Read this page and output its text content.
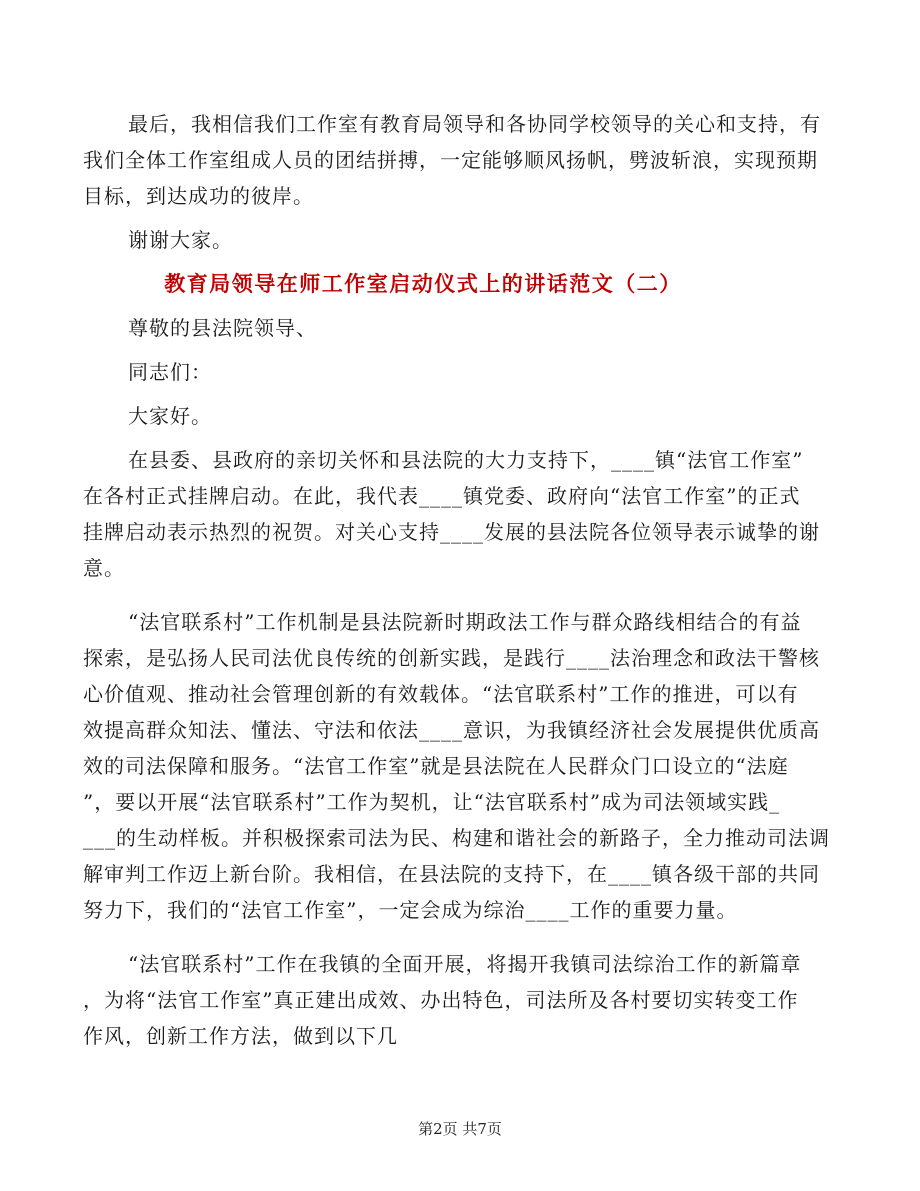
最后，我相信我们工作室有教育局领导和各协同学校领导的关心和支持，有
我们全体工作室组成人员的团结拼搏，一定能够顺风扬帆，劈波斩浪，实现预期
目标，到达成功的彼岸。
谢谢大家。
教育局领导在师工作室启动仪式上的讲话范文（二）
尊敬的县法院领导、
同志们：
大家好。
在县委、县政府的亲切关怀和县法院的大力支持下，____镇“法官工作室”
在各村正式挂牌启动。在此，我代表____镇党委、政府向“法官工作室”的正式
挂牌启动表示热烈的祝贺。对关心支持____发展的县法院各位领导表示诚挚的谢
意。
“法官联系村”工作机制是县法院新时期政法工作与群众路线相结合的有益
探索，是弘扬人民司法优良传统的创新实践，是践行____法治理念和政法干警核
心价值观、推动社会管理创新的有效载体。“法官联系村”工作的推进，可以有
效提高群众知法、懂法、守法和依法____意识，为我镇经济社会发展提供优质高
效的司法保障和服务。“法官工作室”就是县法院在人民群众门口设立的“法庭
”，要以开展“法官联系村”工作为契机，让“法官联系村”成为司法领域实践_
___的生动样板。并积极探索司法为民、构建和谐社会的新路子，全力推动司法调
解审判工作迈上新台阶。我相信，在县法院的支持下，在____镇各级干部的共同
努力下，我们的“法官工作室”，一定会成为综治____工作的重要力量。
“法官联系村”工作在我镇的全面开展，将揭开我镇司法综治工作的新篇章
，为将“法官工作室”真正建出成效、办出特色，司法所及各村要切实转变工作
作风，创新工作方法，做到以下几
第2页 共7页
